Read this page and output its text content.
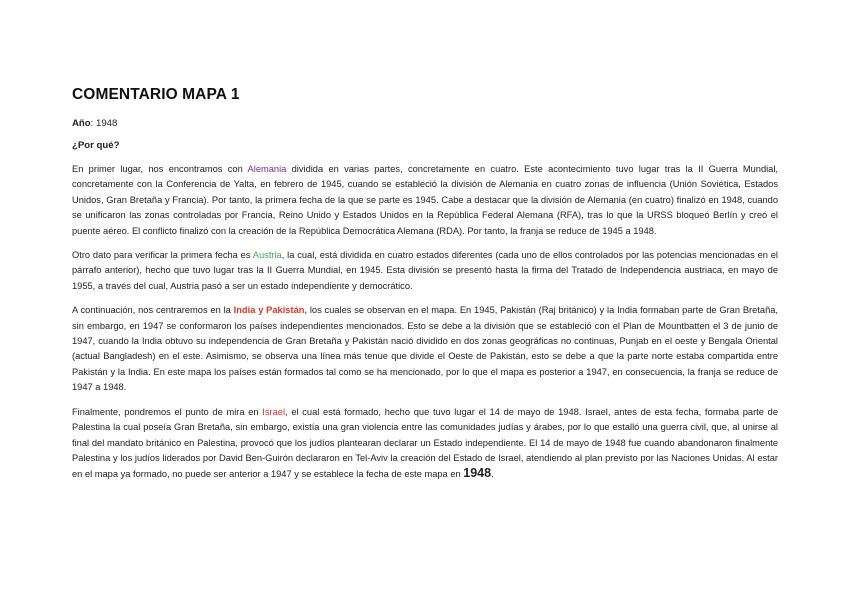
COMENTARIO MAPA 1
Año: 1948
¿Por qué?

En primer lugar, nos encontramos con Alemania dividida en varias partes, concretamente en cuatro. Este acontecimiento tuvo lugar tras la II Guerra Mundial, concretamente con la Conferencia de Yalta, en febrero de 1945, cuando se estableció la división de Alemania en cuatro zonas de influencia (Unión Soviética, Estados Unidos, Gran Bretaña y Francia). Por tanto, la primera fecha de la que se parte es 1945. Cabe a destacar que la división de Alemania (en cuatro) finalizó en 1948, cuando se unificaron las zonas controladas por Francia, Reino Unido y Estados Unidos en la República Federal Alemana (RFA), tras lo que la URSS bloqueó Berlín y creó el puente aéreo. El conflicto finalizó con la creación de la República Democrática Alemana (RDA). Por tanto, la franja se reduce de 1945 a 1948.

Otro dato para verificar la primera fecha es Austria, la cual, está dividida en cuatro estados diferentes (cada uno de ellos controlados por las potencias mencionadas en el párrafo anterior), hecho que tuvo lugar tras la II Guerra Mundial, en 1945. Esta división se presentó hasta la firma del Tratado de Independencia austriaca, en mayo de 1955, a través del cual, Austria pasó a ser un estado independiente y democrático.

A continuación, nos centraremos en la India y Pakistán, los cuales se observan en el mapa. En 1945, Pakistán (Raj británico) y la India formaban parte de Gran Bretaña, sin embargo, en 1947 se conformaron los países independientes mencionados. Esto se debe a la división que se estableció con el Plan de Mountbatten el 3 de junio de 1947, cuando la India obtuvo su independencia de Gran Bretaña y Pakistán nació dividido en dos zonas geográficas no continuas, Punjab en el oeste y Bengala Oriental (actual Bangladesh) en el este. Asimismo, se observa una línea más tenue que divide el Oeste de Pakistán, esto se debe a que la parte norte estaba compartida entre Pakistán y la India. En este mapa los países están formados tal como se ha mencionado, por lo que el mapa es posterior a 1947, en consecuencia, la franja se reduce de 1947 a 1948.

Finalmente, pondremos el punto de mira en Israel, el cual está formado, hecho que tuvo lugar el 14 de mayo de 1948. Israel, antes de esta fecha, formaba parte de Palestina la cual poseía Gran Bretaña, sin embargo, existía una gran violencia entre las comunidades judías y árabes, por lo que estalló una guerra civil, que, al unirse al final del mandato británico en Palestina, provocó que los judíos plantearan declarar un Estado independiente. El 14 de mayo de 1948 fue cuando abandonaron finalmente Palestina y los judíos liderados por David Ben-Guirón declararon en Tel-Aviv la creación del Estado de Israel, atendiendo al plan previsto por las Naciones Unidas. Al estar en el mapa ya formado, no puede ser anterior a 1947 y se establece la fecha de este mapa en 1948.
